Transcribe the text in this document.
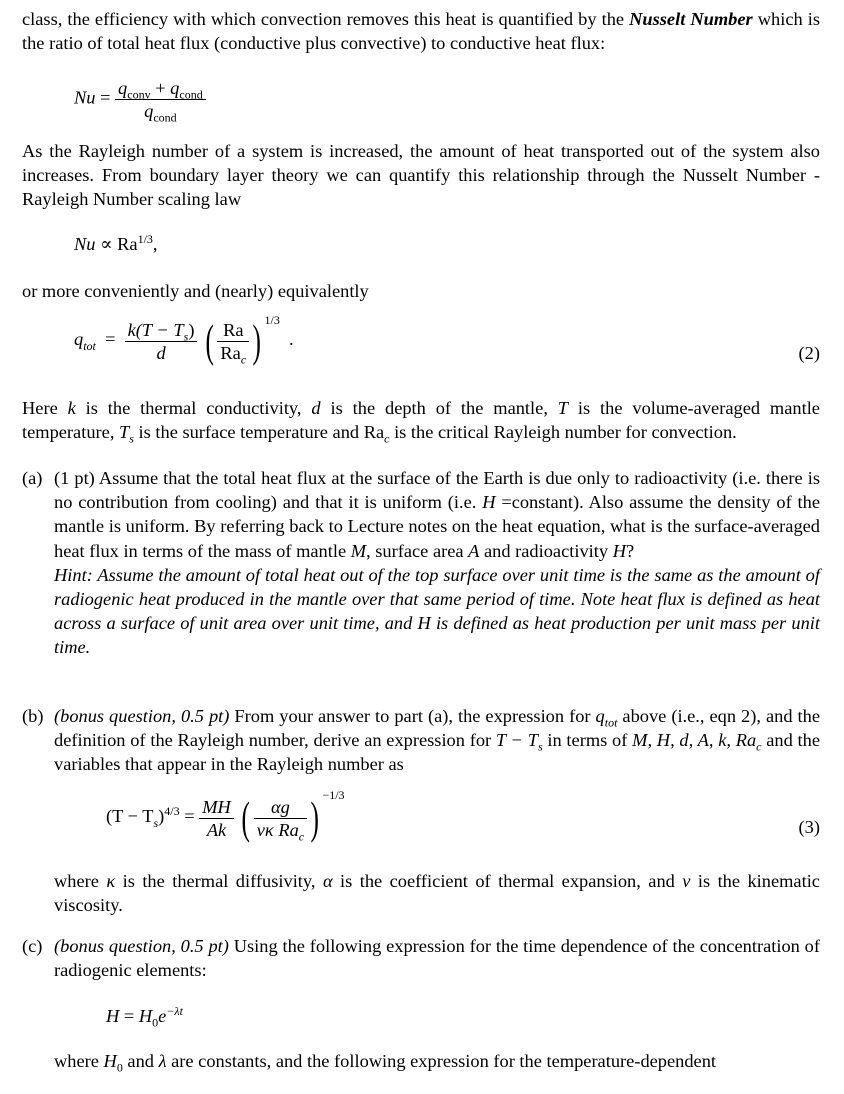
class, the efficiency with which convection removes this heat is quantified by the Nusselt Number which is the ratio of total heat flux (conductive plus convective) to conductive heat flux:
$Nu = \frac{q_{conv} + q_{cond}}{q_{cond}}$
As the Rayleigh number of a system is increased, the amount of heat transported out of the system also increases. From boundary layer theory we can quantify this relationship through the Nusselt Number - Rayleigh Number scaling law
$Nu \propto Ra^{1/3}$,
or more conveniently and (nearly) equivalently
$q_{tot} = \frac{k(T - T_s)}{d}$ ( $\frac{Ra}{Ra_c}$ ) $^{1/3}$  .
(2)
Here k is the thermal conductivity, d is the depth of the mantle, T is the volume-averaged mantle temperature, $T_s$ is the surface temperature and $Ra_c$ is the critical Rayleigh number for convection.
(a) (1 pt) Assume that the total heat flux at the surface of the Earth is due only to radioactivity (i.e. there is no contribution from cooling) and that it is uniform (i.e. H =constant). Also assume the density of the mantle is uniform. By referring back to Lecture notes on the heat equation, what is the surface-averaged heat flux in terms of the mass of mantle M, surface area A and radioactivity H?
Hint: Assume the amount of total heat out of the top surface over unit time is the same as the amount of radiogenic heat produced in the mantle over that same period of time. Note heat flux is defined as heat across a surface of unit area over unit time, and H is defined as heat production per unit mass per unit time.
(b) (bonus question, 0.5 pt) From your answer to part (a), the expression for $q_{tot}$ above (i.e., eqn 2), and the definition of the Rayleigh number, derive an expression for $T - T_s$ in terms of M, H, d, A, k, $Ra_c$ and the variables that appear in the Rayleigh number as
$(T - T_s)^{4/3} = \frac{MH}{Ak}$ ( $\frac{\alpha g}{\nu\kappa Ra_c}$ ) $^{-1/3}$
(3)
where κ is the thermal diffusivity, α is the coefficient of thermal expansion, and ν is the kinematic viscosity.
(c) (bonus question, 0.5 pt) Using the following expression for the time dependence of the concentration of radiogenic elements:
$H = H_0e^{-\lambda t}$
where $H_0$ and λ are constants, and the following expression for the temperature-dependent
